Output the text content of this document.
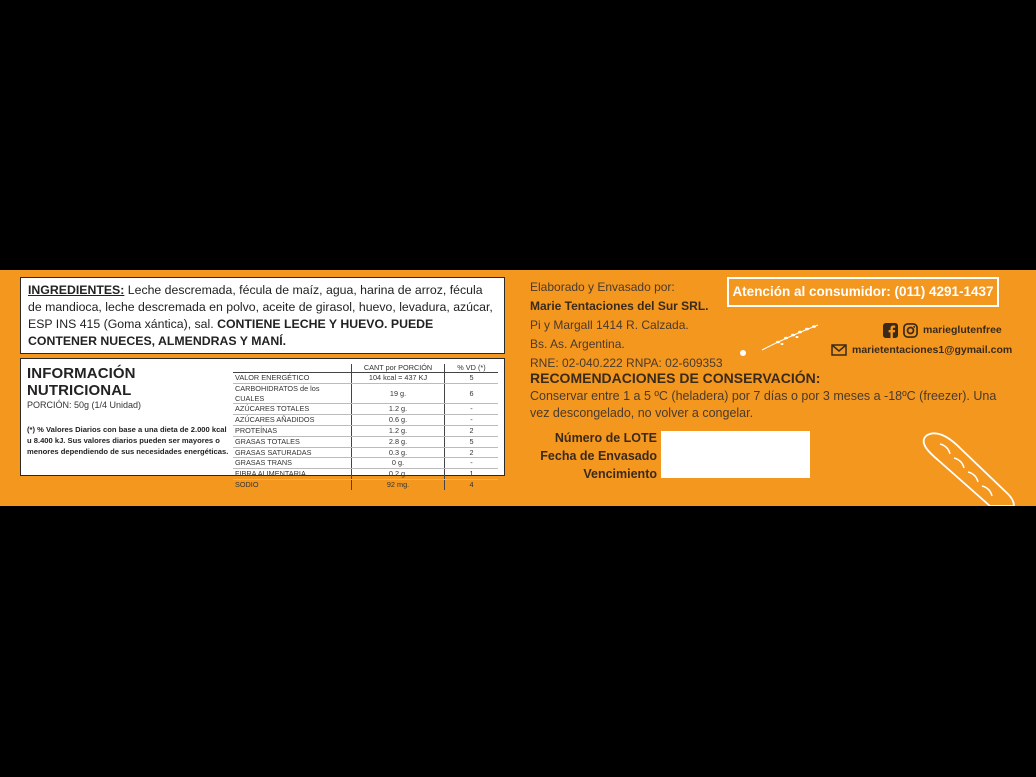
INGREDIENTES: Leche descremada, fécula de maíz, agua, harina de arroz, fécula de mandioca, leche descremada en polvo, aceite de girasol, huevo, levadura, azúcar, ESP INS 415 (Goma xántica), sal. CONTIENE LECHE Y HUEVO. PUEDE CONTENER NUECES, ALMENDRAS Y MANÍ.
INFORMACIÓN NUTRICIONAL
PORCIÓN: 50g (1/4 Unidad)
(*) % Valores Diarios con base a una dieta de 2.000 kcal u 8.400 kJ. Sus valores diarios pueden ser mayores o menores dependiendo de sus necesidades energéticas.
	CANT por PORCIÓN	% VD (*)
VALOR ENERGÉTICO	104 kcal = 437 KJ	5
CARBOHIDRATOS de los CUALES	19 g.	6
AZÚCARES TOTALES	1.2 g.	-
AZÚCARES AÑADIDOS	0.6 g.	-
PROTEÍNAS	1.2 g.	2
GRASAS TOTALES	2.8 g.	5
GRASAS SATURADAS	0.3 g.	2
GRASAS TRANS	0 g.	-
FIBRA ALIMENTARIA	0.2 g.	1
SODIO	92 mg.	4
Elaborado y Envasado por:
Marie Tentaciones del Sur SRL.
Pi y Margall 1414 R. Calzada.
Bs. As. Argentina.
RNE: 02-040.222 RNPA: 02-609353
Atención al consumidor: (011) 4291-1437
marieglutenfree
marietentaciones1@gymail.com
RECOMENDACIONES DE CONSERVACIÓN:
Conservar entre 1 a 5 ºC (heladera) por 7 días o por 3 meses a -18ºC (freezer). Una vez descongelado, no volver a congelar.
Número de LOTE
Fecha de Envasado
Vencimiento
